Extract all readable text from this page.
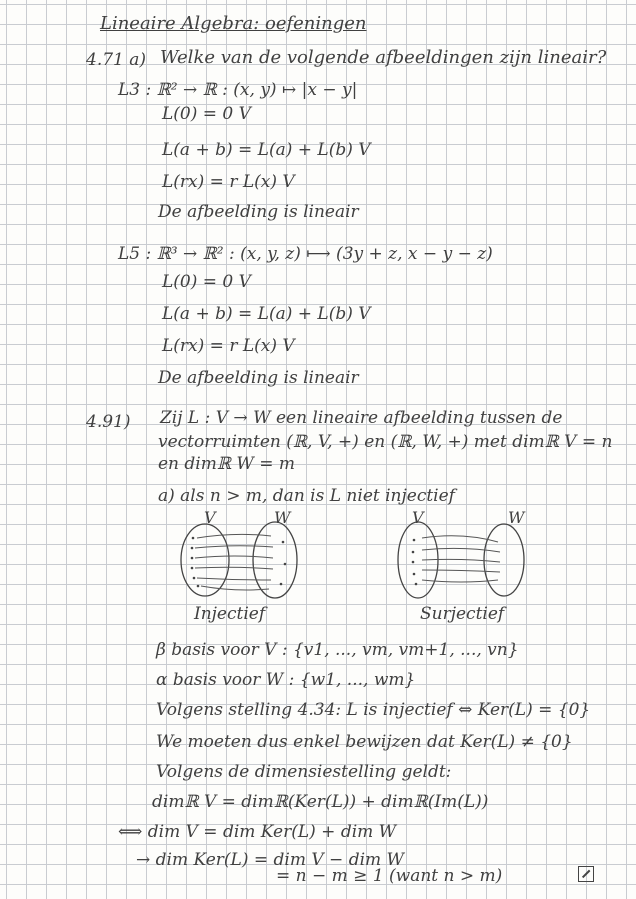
Lineaire Algebra: oefeningen
4.71 a) Welke van de volgende afbeeldingen zijn lineair?
L3 : ℝ² → ℝ : (x, y) ↦ |x − y|
L(0) = 0 V
L(a + b) = L(a) + L(b) V
L(rx) = r L(x) V
De afbeelding is lineair
L5 : ℝ³ → ℝ² : (x, y, z) ⟼ (3y + z, x − y − z)
L(0) = 0 V
L(a + b) = L(a) + L(b) V
L(rx) = r L(x) V
De afbeelding is lineair
4.91) Zij L : V → W een lineaire afbeelding tussen de
vectorruimten (ℝ, V, +) en (ℝ, W, +) met dimℝ V = n
en dimℝ W = m
a) als n > m, dan is L niet injectief
V	W	V	W
Injectief	Surjectief
β basis voor V : {v1, ..., vm, vm+1, ..., vn}
α basis voor W : {w1, ..., wm}
Volgens stelling 4.34: L is injectief ⇔ Ker(L) = {0}
We moeten dus enkel bewijzen dat Ker(L) ≠ {0}
Volgens de dimensiestelling geldt:
dimℝ V = dimℝ(Ker(L)) + dimℝ(Im(L))
⟺ dim V = dim Ker(L) + dim W
→ dim Ker(L) = dim V − dim W
= n − m ≥ 1 (want n > m)
